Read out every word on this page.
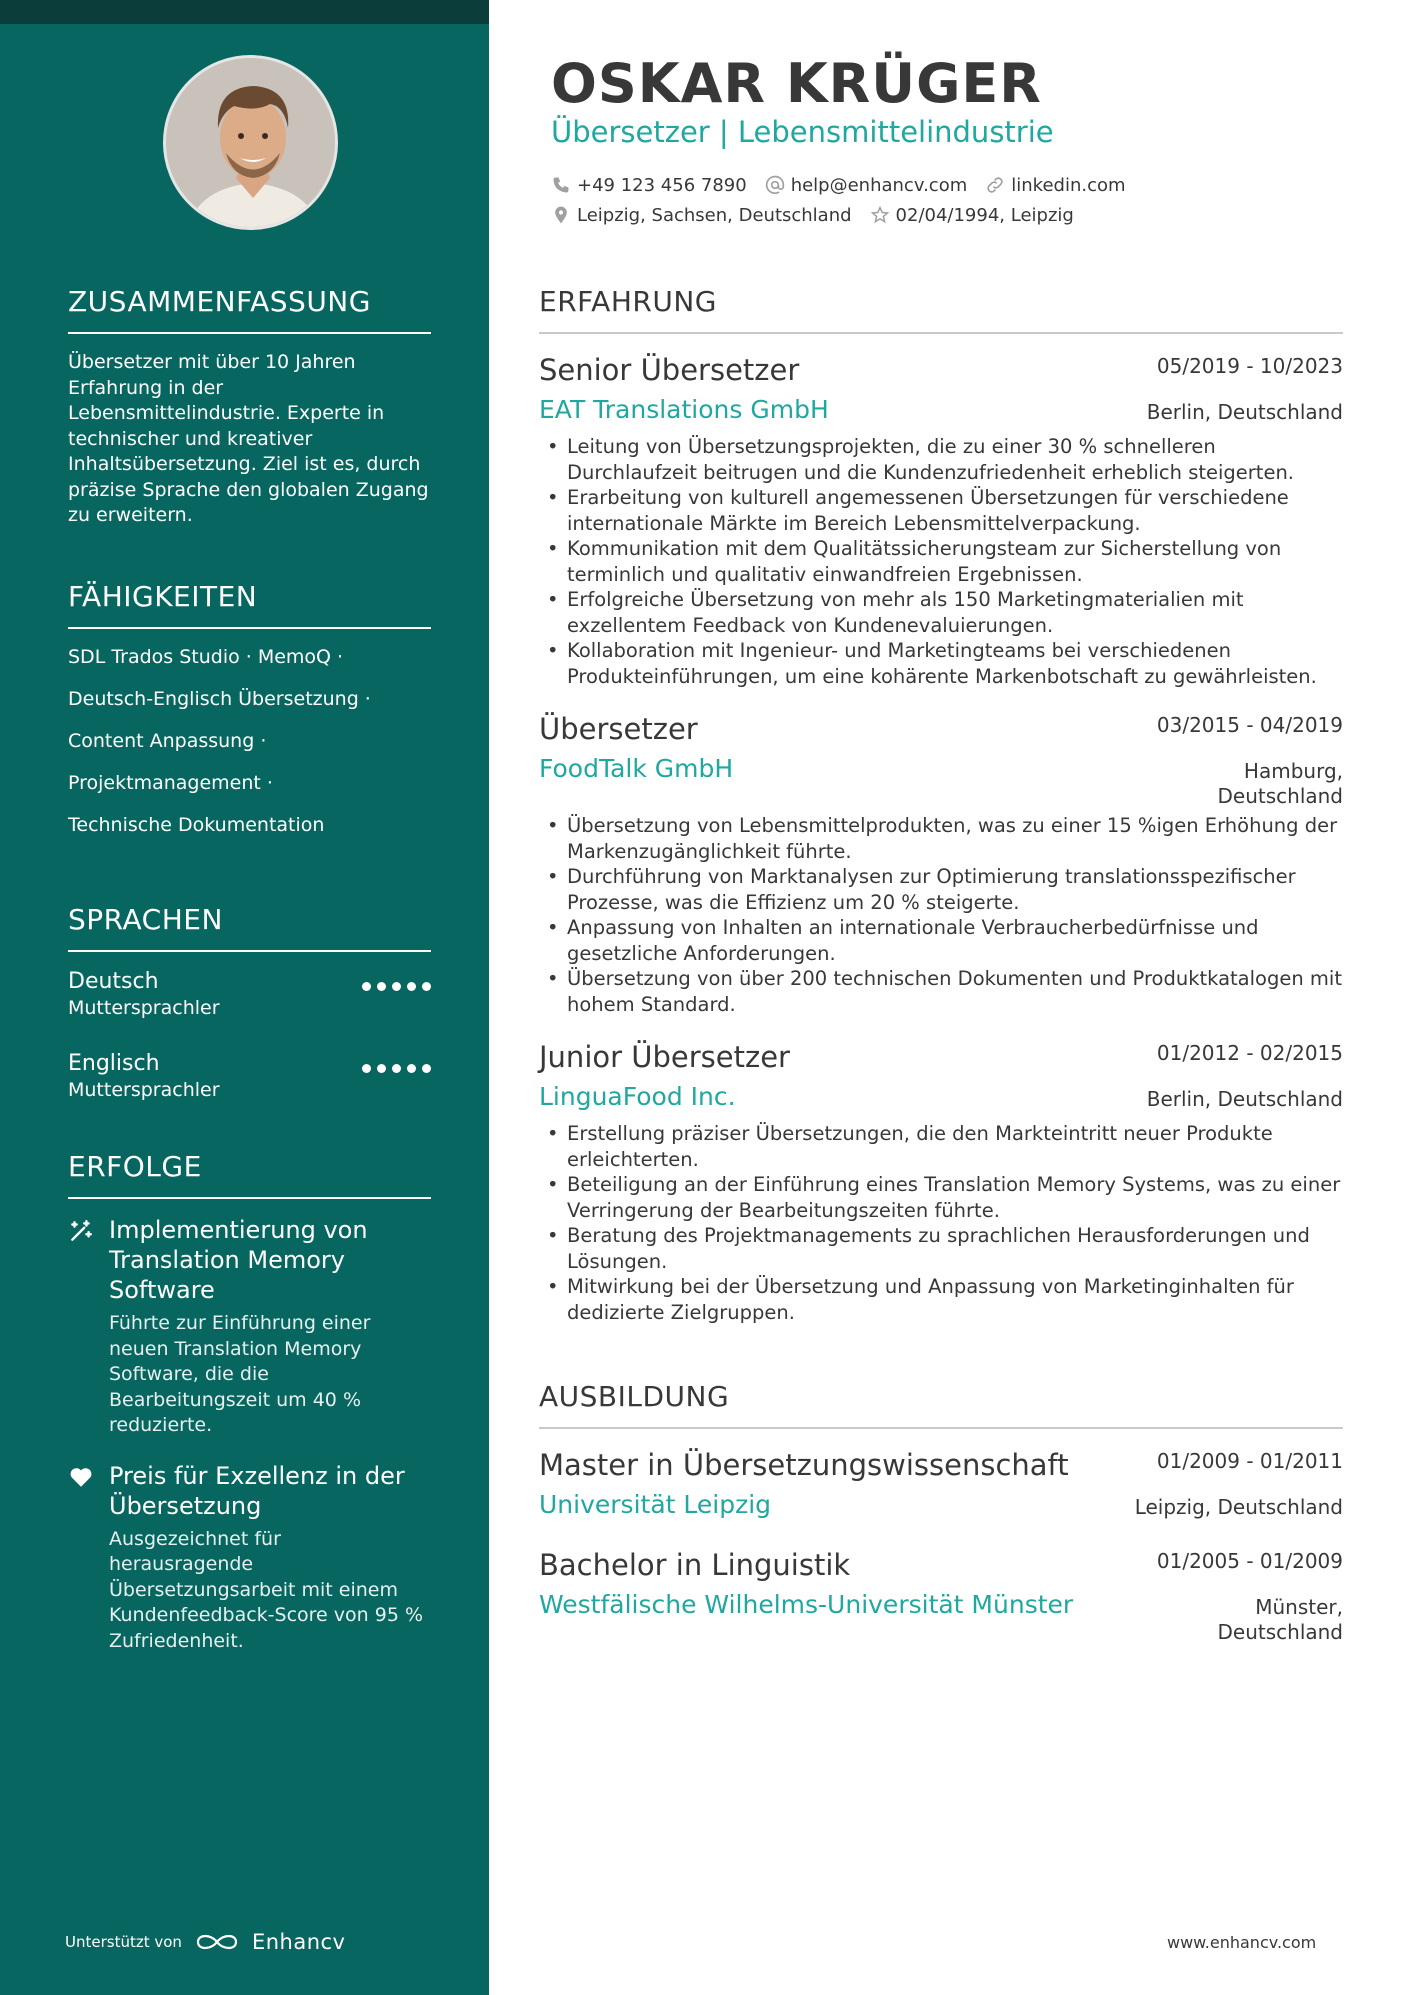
ZUSAMMENFASSUNG
Übersetzer mit über 10 Jahren Erfahrung in der Lebensmittelindustrie. Experte in technischer und kreativer Inhaltsübersetzung. Ziel ist es, durch präzise Sprache den globalen Zugang zu erweitern.
FÄHIGKEITEN
SDL Trados Studio · MemoQ ·
Deutsch-Englisch Übersetzung ·
Content Anpassung ·
Projektmanagement ·
Technische Dokumentation
SPRACHEN
Deutsch
Muttersprachler
Englisch
Muttersprachler
ERFOLGE
Implementierung von Translation Memory Software
Führte zur Einführung einer neuen Translation Memory Software, die die Bearbeitungszeit um 40 % reduzierte.
Preis für Exzellenz in der Übersetzung
Ausgezeichnet für herausragende Übersetzungsarbeit mit einem Kundenfeedback-Score von 95 % Zufriedenheit.
Unterstützt von	Enhancv
OSKAR KRÜGER
Übersetzer | Lebensmittelindustrie
+49 123 456 7890 help@enhancv.com linkedin.com
Leipzig, Sachsen, Deutschland 02/04/1994, Leipzig
ERFAHRUNG
Senior Übersetzer	05/2019 - 10/2023
EAT Translations GmbH	Berlin, Deutschland
• Leitung von Übersetzungsprojekten, die zu einer 30 % schnelleren Durchlaufzeit beitrugen und die Kundenzufriedenheit erheblich steigerten.
• Erarbeitung von kulturell angemessenen Übersetzungen für verschiedene internationale Märkte im Bereich Lebensmittelverpackung.
• Kommunikation mit dem Qualitätssicherungsteam zur Sicherstellung von terminlich und qualitativ einwandfreien Ergebnissen.
• Erfolgreiche Übersetzung von mehr als 150 Marketingmaterialien mit exzellentem Feedback von Kundenevaluierungen.
• Kollaboration mit Ingenieur- und Marketingteams bei verschiedenen Produkteinführungen, um eine kohärente Markenbotschaft zu gewährleisten.
Übersetzer	03/2015 - 04/2019
FoodTalk GmbH	Hamburg, Deutschland
• Übersetzung von Lebensmittelprodukten, was zu einer 15 %igen Erhöhung der Markenzugänglichkeit führte.
• Durchführung von Marktanalysen zur Optimierung translationsspezifischer Prozesse, was die Effizienz um 20 % steigerte.
• Anpassung von Inhalten an internationale Verbraucherbedürfnisse und gesetzliche Anforderungen.
• Übersetzung von über 200 technischen Dokumenten und Produktkatalogen mit hohem Standard.
Junior Übersetzer	01/2012 - 02/2015
LinguaFood Inc.	Berlin, Deutschland
• Erstellung präziser Übersetzungen, die den Markteintritt neuer Produkte erleichterten.
• Beteiligung an der Einführung eines Translation Memory Systems, was zu einer Verringerung der Bearbeitungszeiten führte.
• Beratung des Projektmanagements zu sprachlichen Herausforderungen und Lösungen.
• Mitwirkung bei der Übersetzung und Anpassung von Marketinginhalten für dedizierte Zielgruppen.
AUSBILDUNG
Master in Übersetzungswissenschaft	01/2009 - 01/2011
Universität Leipzig	Leipzig, Deutschland
Bachelor in Linguistik	01/2005 - 01/2009
Westfälische Wilhelms-Universität Münster	Münster, Deutschland
www.enhancv.com
